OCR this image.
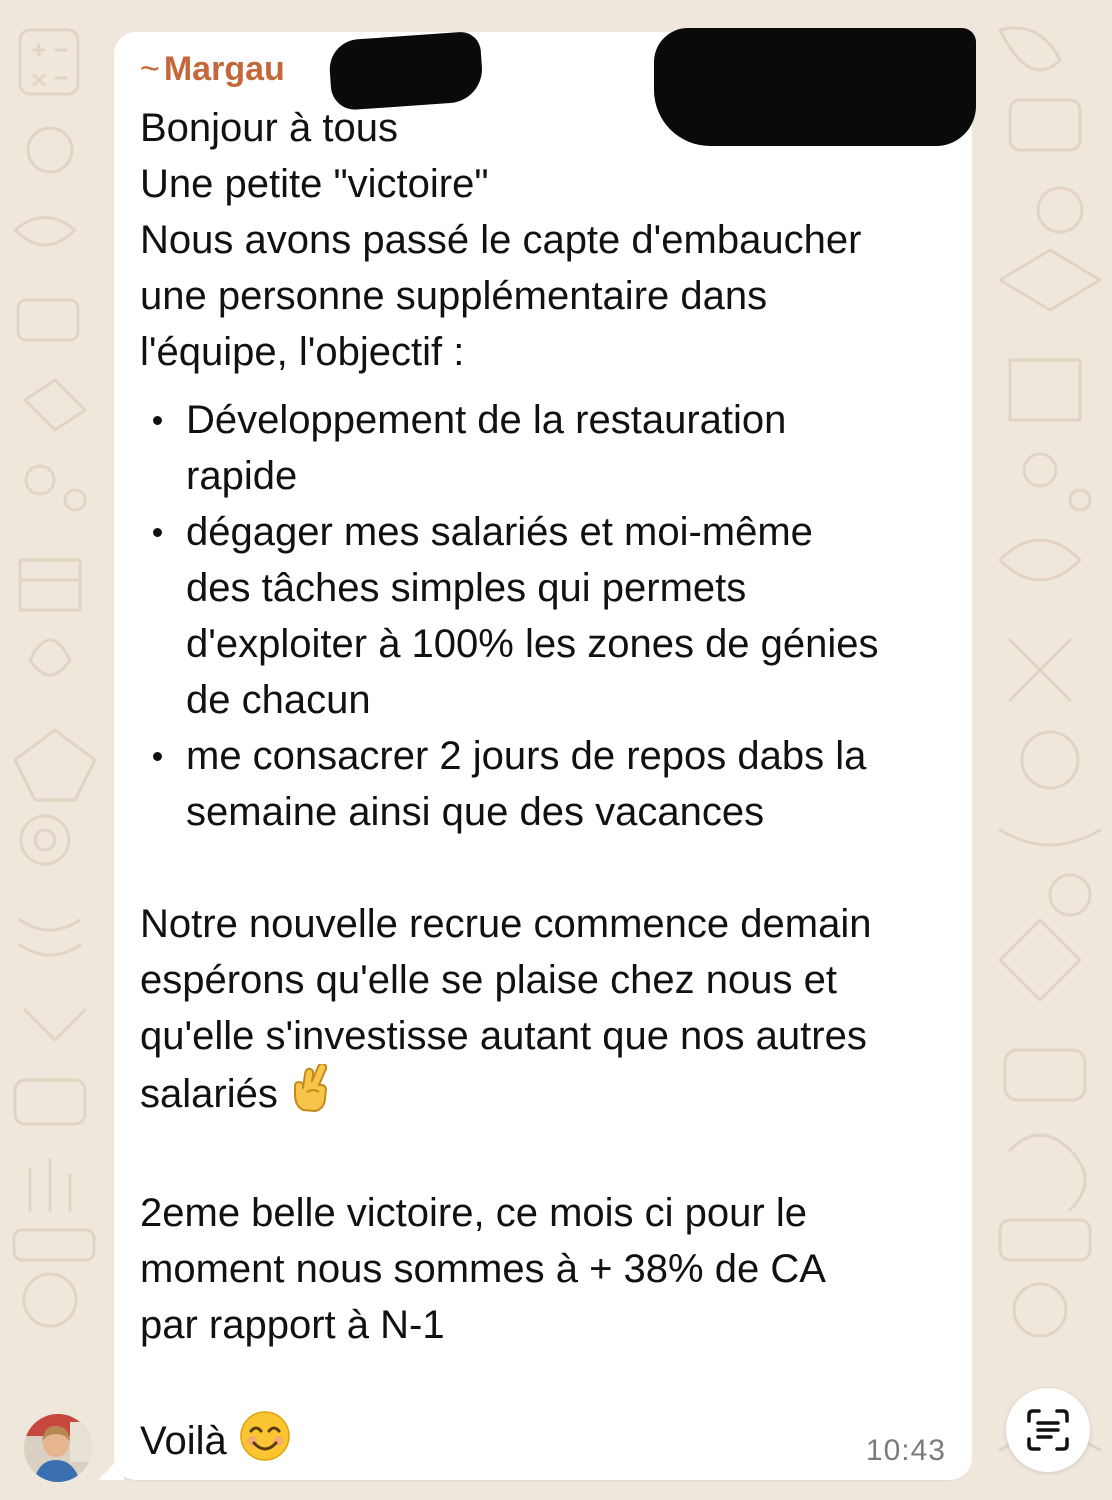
~ Margau
Bonjour à tous
Une petite "victoire"
Nous avons passé le capte d'embaucher
une personne supplémentaire dans
l'équipe, l'objectif :
Développement de la restauration
rapide
dégager mes salariés et moi-même
des tâches simples qui permets
d'exploiter à 100% les zones de génies
de chacun
me consacrer 2 jours de repos dabs la
semaine ainsi que des vacances
Notre nouvelle recrue commence demain
espérons qu'elle se plaise chez nous et
qu'elle s'investisse autant que nos autres
salariés
2eme belle victoire, ce mois ci pour le
moment nous sommes à + 38% de CA
par rapport à N-1
Voilà	10:43
